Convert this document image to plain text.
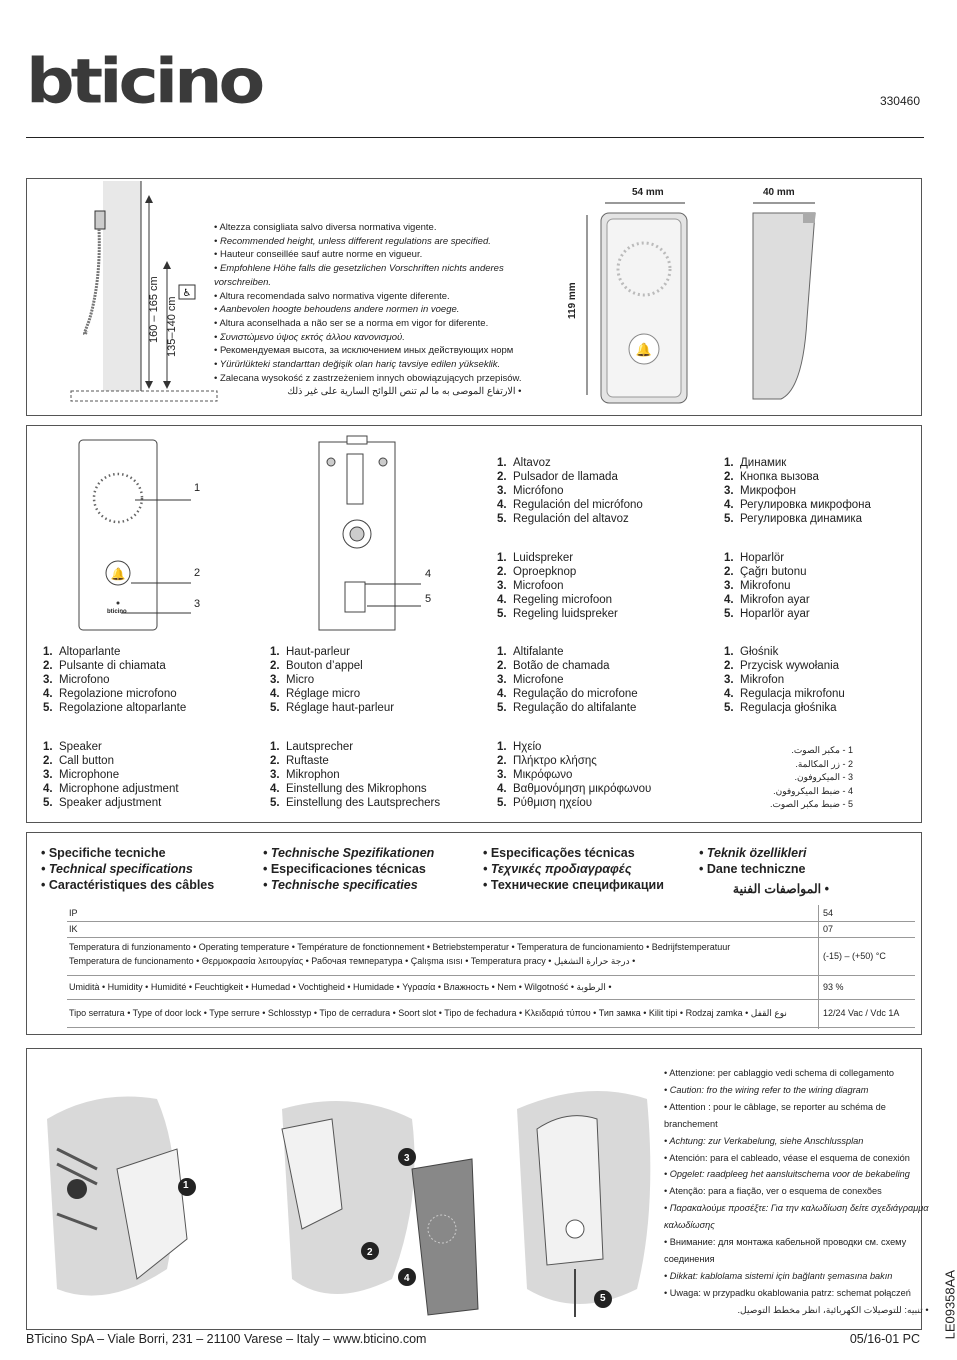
bticino	330460
♿
160 – 165 cm 135–140 cm
• Altezza consigliata salvo diversa normativa vigente.
• Recommended height, unless different regulations are specified.
• Hauteur conseillée sauf autre norme en vigueur.
• Empfohlene Höhe falls die gesetzlichen Vorschriften nichts anderes
vorschreiben.
• Altura recomendada salvo normativa vigente diferente.
• Aanbevolen hoogte behoudens andere normen in voege.
• Altura aconselhada a não ser se a norma em vigor for diferente.
• Συνιστώμενο ύψος εκτός άλλου κανονισμού.
• Рекомендуемая высота, за исключением иных действующих норм
• Yürürlükteki standarttan değişik olan hariç tavsiye edilen yükseklik.
• Zalecana wysokość z zastrzeżeniem innych obowiązujących przepisów.
• الارتفاع الموصى به ما لم تنص اللوائح السارية على غير ذلك
54 mm	40 mm
119 mm
🔔
🔔
1
2
3
bticino
4
5
1. Altavoz
2. Pulsador de llamada
3. Micrófono
4. Regulación del micrófono
5. Regulación del altavoz
1. Динамик
2. Кнопка вызова
3. Микрофон
4. Регулировка микрофона
5. Регулировка динамика
1. Luidspreker
2. Oproepknop
3. Microfoon
4. Regeling microfoon
5. Regeling luidspreker
1. Hoparlör
2. Çağrı butonu
3. Mikrofonu
4. Mikrofon ayar
5. Hoparlör ayar
1. Altoparlante
2. Pulsante di chiamata
3. Microfono
4. Regolazione microfono
5. Regolazione altoparlante
1. Haut-parleur
2. Bouton d’appel
3. Micro
4. Réglage micro
5. Réglage haut-parleur
1. Altifalante
2. Botão de chamada
3. Microfone
4. Regulação do microfone
5. Regulação do altifalante
1. Głośnik
2. Przycisk wywołania
3. Mikrofon
4. Regulacja mikrofonu
5. Regulacja głośnika
1. Speaker
2. Call button
3. Microphone
4. Microphone adjustment
5. Speaker adjustment
1. Lautsprecher
2. Ruftaste
3. Mikrophon
4. Einstellung des Mikrophons
5. Einstellung des Lautsprechers
1. Ηχείο
2. Πλήκτρο κλήσης
3. Μικρόφωνο
4. Βαθμονόμηση μικρόφωνου
5. Ρύθμιση ηχείου
1 - مكبر الصوت.
2 - زر المكالمة.
3 - الميكروفون.
4 - ضبط الميكروفون.
5 - ضبط مكبر الصوت.
• Specifiche tecniche
• Technical specifications
• Caractéristiques des câbles
• Technische Spezifikationen
• Especificaciones técnicas
• Technische specificaties
• Especificações técnicas
• Τεχνικές προδιαγραφές
• Технические спецификации
• Teknik özellikleri
• Dane techniczne
• المواصفات الفنية
IP	54
IK	07
Temperatura di funzionamento • Operating temperature • Température de fonctionnement • Betriebstemperatur • Temperatura de funcionamiento • Bedrijfstemperatuur
Temperatura de funcionamento • Θερμοκρασία λειτουργίας • Рабочая температура • Çalışma ısısı • Temperatura pracy • درجة حرارة التشغيل •
(-15) – (+50) °C
Umidità • Humidity • Humidité • Feuchtigkeit • Humedad • Vochtigheid • Humidade • Υγρασία • Влажность • Nem • Wilgotność • الرطوبة •	93 %
Tipo serratura • Type of door lock • Type serrure • Schlosstyp • Tipo de cerradura • Soort slot • Tipo de fechadura • Κλειδαριά τύπου • Тип замка • Kilit tipi • Rodzaj zamka • نوع القفل	12/24 Vac / Vdc 1A
1
3
2
4
5
• Attenzione: per cablaggio vedi schema di collegamento
• Caution: fro the wiring refer to the wiring diagram
• Attention : pour le câblage, se reporter au schéma de
branchement
• Achtung: zur Verkabelung, siehe Anschlussplan
• Atención: para el cableado, véase el esquema de conexión
• Opgelet: raadpleeg het aansluitschema voor de bekabeling
• Atenção: para a fiação, ver o esquema de conexões
• Παρακαλούμε προσέξτε: Για την καλωδίωση δείτε σχεδιάγραμμα
καλωδίωσης
• Внимание: для монтажа кабельной проводки см. схему
соединения
• Dikkat: kablolama sistemi için bağlantı şemasına bakın
• Uwaga: w przypadku okablowania patrz: schemat połączeń
• تنبيه: للتوصيلات الكهربائية، انظر مخطط التوصيل.
BTicino SpA – Viale Borri, 231 – 21100 Varese – Italy – www.bticino.com	05/16-01 PC LE09358AA
